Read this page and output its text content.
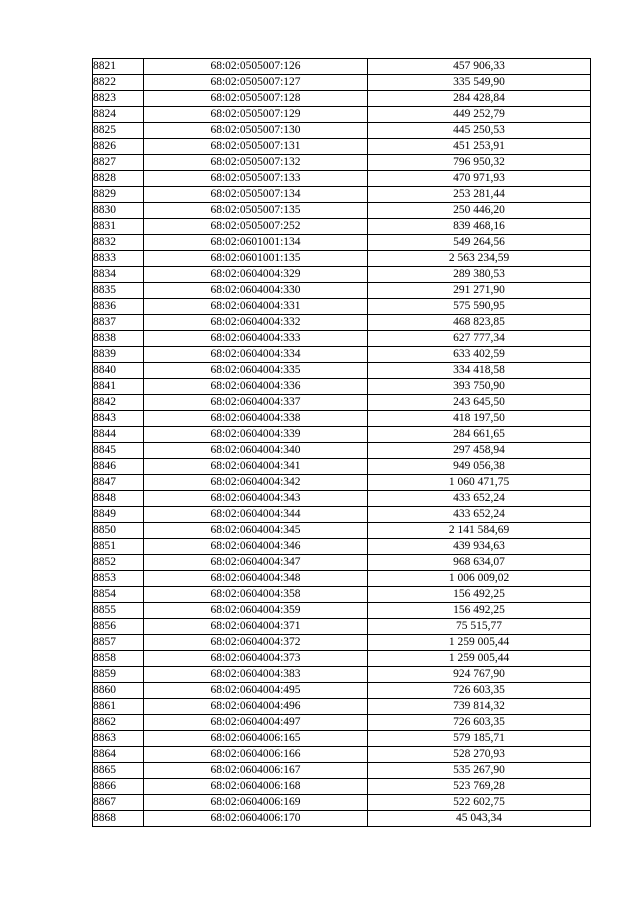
8821	68:02:0505007:126	457 906,33
8822	68:02:0505007:127	335 549,90
8823	68:02:0505007:128	284 428,84
8824	68:02:0505007:129	449 252,79
8825	68:02:0505007:130	445 250,53
8826	68:02:0505007:131	451 253,91
8827	68:02:0505007:132	796 950,32
8828	68:02:0505007:133	470 971,93
8829	68:02:0505007:134	253 281,44
8830	68:02:0505007:135	250 446,20
8831	68:02:0505007:252	839 468,16
8832	68:02:0601001:134	549 264,56
8833	68:02:0601001:135	2 563 234,59
8834	68:02:0604004:329	289 380,53
8835	68:02:0604004:330	291 271,90
8836	68:02:0604004:331	575 590,95
8837	68:02:0604004:332	468 823,85
8838	68:02:0604004:333	627 777,34
8839	68:02:0604004:334	633 402,59
8840	68:02:0604004:335	334 418,58
8841	68:02:0604004:336	393 750,90
8842	68:02:0604004:337	243 645,50
8843	68:02:0604004:338	418 197,50
8844	68:02:0604004:339	284 661,65
8845	68:02:0604004:340	297 458,94
8846	68:02:0604004:341	949 056,38
8847	68:02:0604004:342	1 060 471,75
8848	68:02:0604004:343	433 652,24
8849	68:02:0604004:344	433 652,24
8850	68:02:0604004:345	2 141 584,69
8851	68:02:0604004:346	439 934,63
8852	68:02:0604004:347	968 634,07
8853	68:02:0604004:348	1 006 009,02
8854	68:02:0604004:358	156 492,25
8855	68:02:0604004:359	156 492,25
8856	68:02:0604004:371	75 515,77
8857	68:02:0604004:372	1 259 005,44
8858	68:02:0604004:373	1 259 005,44
8859	68:02:0604004:383	924 767,90
8860	68:02:0604004:495	726 603,35
8861	68:02:0604004:496	739 814,32
8862	68:02:0604004:497	726 603,35
8863	68:02:0604006:165	579 185,71
8864	68:02:0604006:166	528 270,93
8865	68:02:0604006:167	535 267,90
8866	68:02:0604006:168	523 769,28
8867	68:02:0604006:169	522 602,75
8868	68:02:0604006:170	45 043,34
